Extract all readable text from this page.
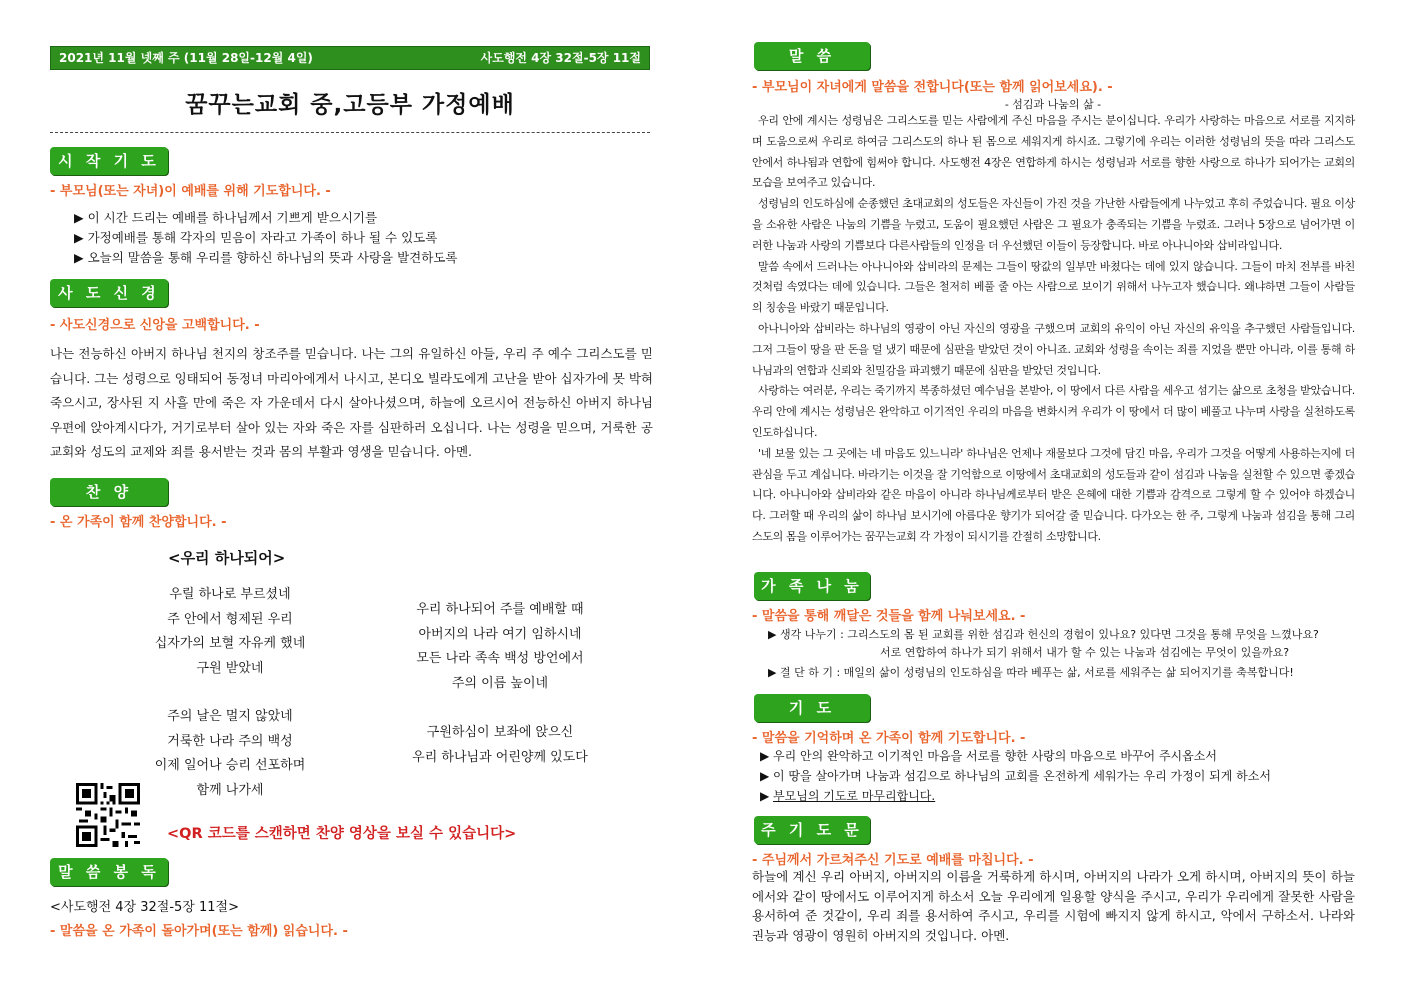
2021년 11월 넷째 주 (11월 28일-12월 4일)	사도행전 4장 32절-5장 11절
꿈꾸는교회 중,고등부 가정예배
시 작 기 도
- 부모님(또는 자녀)이 예배를 위해 기도합니다. -
▶ 이 시간 드리는 예배를 하나님께서 기쁘게 받으시기를
▶ 가정예배를 통해 각자의 믿음이 자라고 가족이 하나 될 수 있도록
▶ 오늘의 말씀을 통해 우리를 향하신 하나님의 뜻과 사랑을 발견하도록
사 도 신 경
- 사도신경으로 신앙을 고백합니다. -
나는 전능하신 아버지 하나님 천지의 창조주를 믿습니다. 나는 그의 유일하신 아들, 우리 주 예수 그리스도를 믿습니다. 그는 성령으로 잉태되어 동정녀 마리아에게서 나시고, 본디오 빌라도에게 고난을 받아 십자가에 못 박혀 죽으시고, 장사된 지 사흘 만에 죽은 자 가운데서 다시 살아나셨으며, 하늘에 오르시어 전능하신 아버지 하나님 우편에 앉아계시다가, 거기로부터 살아 있는 자와 죽은 자를 심판하러 오십니다. 나는 성령을 믿으며, 거룩한 공교회와 성도의 교제와 죄를 용서받는 것과 몸의 부활과 영생을 믿습니다. 아멘.
찬 양
- 온 가족이 함께 찬양합니다. -
<우리 하나되어>
우릴 하나로 부르셨네
주 안에서 형제된 우리
십자가의 보혈 자유케 했네
구원 받았네
주의 날은 멀지 않았네
거룩한 나라 주의 백성
이제 일어나 승리 선포하며
함께 나가세
우리 하나되어 주를 예배할 때
아버지의 나라 여기 임하시네
모든 나라 족속 백성 방언에서
주의 이름 높이네
구원하심이 보좌에 앉으신
우리 하나님과 어린양께 있도다
<QR 코드를 스캔하면 찬양 영상을 보실 수 있습니다>
말 씀 봉 독
<사도행전 4장 32절-5장 11절>
- 말씀을 온 가족이 돌아가며(또는 함께) 읽습니다. -
말 씀
- 부모님이 자녀에게 말씀을 전합니다(또는 함께 읽어보세요). -
- 섬김과 나눔의 삶 -

우리 안에 계시는 성령님은 그리스도를 믿는 사람에게 주신 마음을 주시는 분이십니다. 우리가 사랑하는 마음으로 서로를 지지하며 도움으로써 우리로 하여금 그리스도의 하나 된 몸으로 세워지게 하시죠. 그렇기에 우리는 이러한 성령님의 뜻을 따라 그리스도 안에서 하나됨과 연합에 힘써야 합니다. 사도행전 4장은 연합하게 하시는 성령님과 서로를 향한 사랑으로 하나가 되어가는 교회의 모습을 보여주고 있습니다.

성령님의 인도하심에 순종했던 초대교회의 성도들은 자신들이 가진 것을 가난한 사람들에게 나누었고 후히 주었습니다. 필요 이상을 소유한 사람은 나눔의 기쁨을 누렸고, 도움이 필요했던 사람은 그 필요가 충족되는 기쁨을 누렸죠. 그러나 5장으로 넘어가면 이러한 나눔과 사랑의 기쁨보다 다른사람들의 인정을 더 우선했던 이들이 등장합니다. 바로 아나니아와 삽비라입니다.

말씀 속에서 드러나는 아나니아와 삽비라의 문제는 그들이 땅값의 일부만 바쳤다는 데에 있지 않습니다. 그들이 마치 전부를 바친 것처럼 속였다는 데에 있습니다. 그들은 철저히 베풀 줄 아는 사람으로 보이기 위해서 나누고자 했습니다. 왜냐하면 그들이 사람들의 칭송을 바랐기 때문입니다.

아나니아와 삽비라는 하나님의 영광이 아닌 자신의 영광을 구했으며 교회의 유익이 아닌 자신의 유익을 추구했던 사람들입니다. 그저 그들이 땅을 판 돈을 덜 냈기 때문에 심판을 받았던 것이 아니죠. 교회와 성령을 속이는 죄를 지었을 뿐만 아니라, 이를 통해 하나님과의 연합과 신뢰와 친밀감을 파괴했기 때문에 심판을 받았던 것입니다.

사랑하는 여러분, 우리는 죽기까지 복종하셨던 예수님을 본받아, 이 땅에서 다른 사람을 세우고 섬기는 삶으로 초청을 받았습니다. 우리 안에 계시는 성령님은 완악하고 이기적인 우리의 마음을 변화시켜 우리가 이 땅에서 더 많이 베풀고 나누며 사랑을 실천하도록 인도하십니다.

'네 보물 있는 그 곳에는 네 마음도 있느니라' 하나님은 언제나 재물보다 그것에 담긴 마음, 우리가 그것을 어떻게 사용하는지에 더 관심을 두고 계십니다. 바라기는 이것을 잘 기억함으로 이땅에서 초대교회의 성도들과 같이 섬김과 나눔을 실천할 수 있으면 좋겠습니다. 아나니아와 삽비라와 같은 마음이 아니라 하나님께로부터 받은 은혜에 대한 기쁨과 감격으로 그렇게 할 수 있어야 하겠습니다. 그러할 때 우리의 삶이 하나님 보시기에 아름다운 향기가 되어갈 줄 믿습니다. 다가오는 한 주, 그렇게 나눔과 섬김을 통해 그리스도의 몸을 이루어가는 꿈꾸는교회 각 가정이 되시기를 간절히 소망합니다.

가 족 나 눔
- 말씀을 통해 깨달은 것들을 함께 나눠보세요. -
▶ 생각 나누기 : 그리스도의 몸 된 교회를 위한 섬김과 헌신의 경험이 있나요? 있다면 그것을 통해 무엇을 느꼈나요?
서로 연합하여 하나가 되기 위해서 내가 할 수 있는 나눔과 섬김에는 무엇이 있을까요?
▶ 결 단 하 기 : 매일의 삶이 성령님의 인도하심을 따라 베푸는 삶, 서로를 세워주는 삶 되어지기를 축복합니다!
기 도
- 말씀을 기억하며 온 가족이 함께 기도합니다. -
▶ 우리 안의 완악하고 이기적인 마음을 서로를 향한 사랑의 마음으로 바꾸어 주시옵소서
▶ 이 땅을 살아가며 나눔과 섬김으로 하나님의 교회를 온전하게 세워가는 우리 가정이 되게 하소서
▶ 부모님의 기도로 마무리합니다.
주 기 도 문
- 주님께서 가르쳐주신 기도로 예배를 마칩니다. -
하늘에 계신 우리 아버지, 아버지의 이름을 거룩하게 하시며, 아버지의 나라가 오게 하시며, 아버지의 뜻이 하늘에서와 같이 땅에서도 이루어지게 하소서 오늘 우리에게 일용할 양식을 주시고, 우리가 우리에게 잘못한 사람을 용서하여 준 것같이, 우리 죄를 용서하여 주시고, 우리를 시험에 빠지지 않게 하시고, 악에서 구하소서. 나라와 권능과 영광이 영원히 아버지의 것입니다. 아멘.
